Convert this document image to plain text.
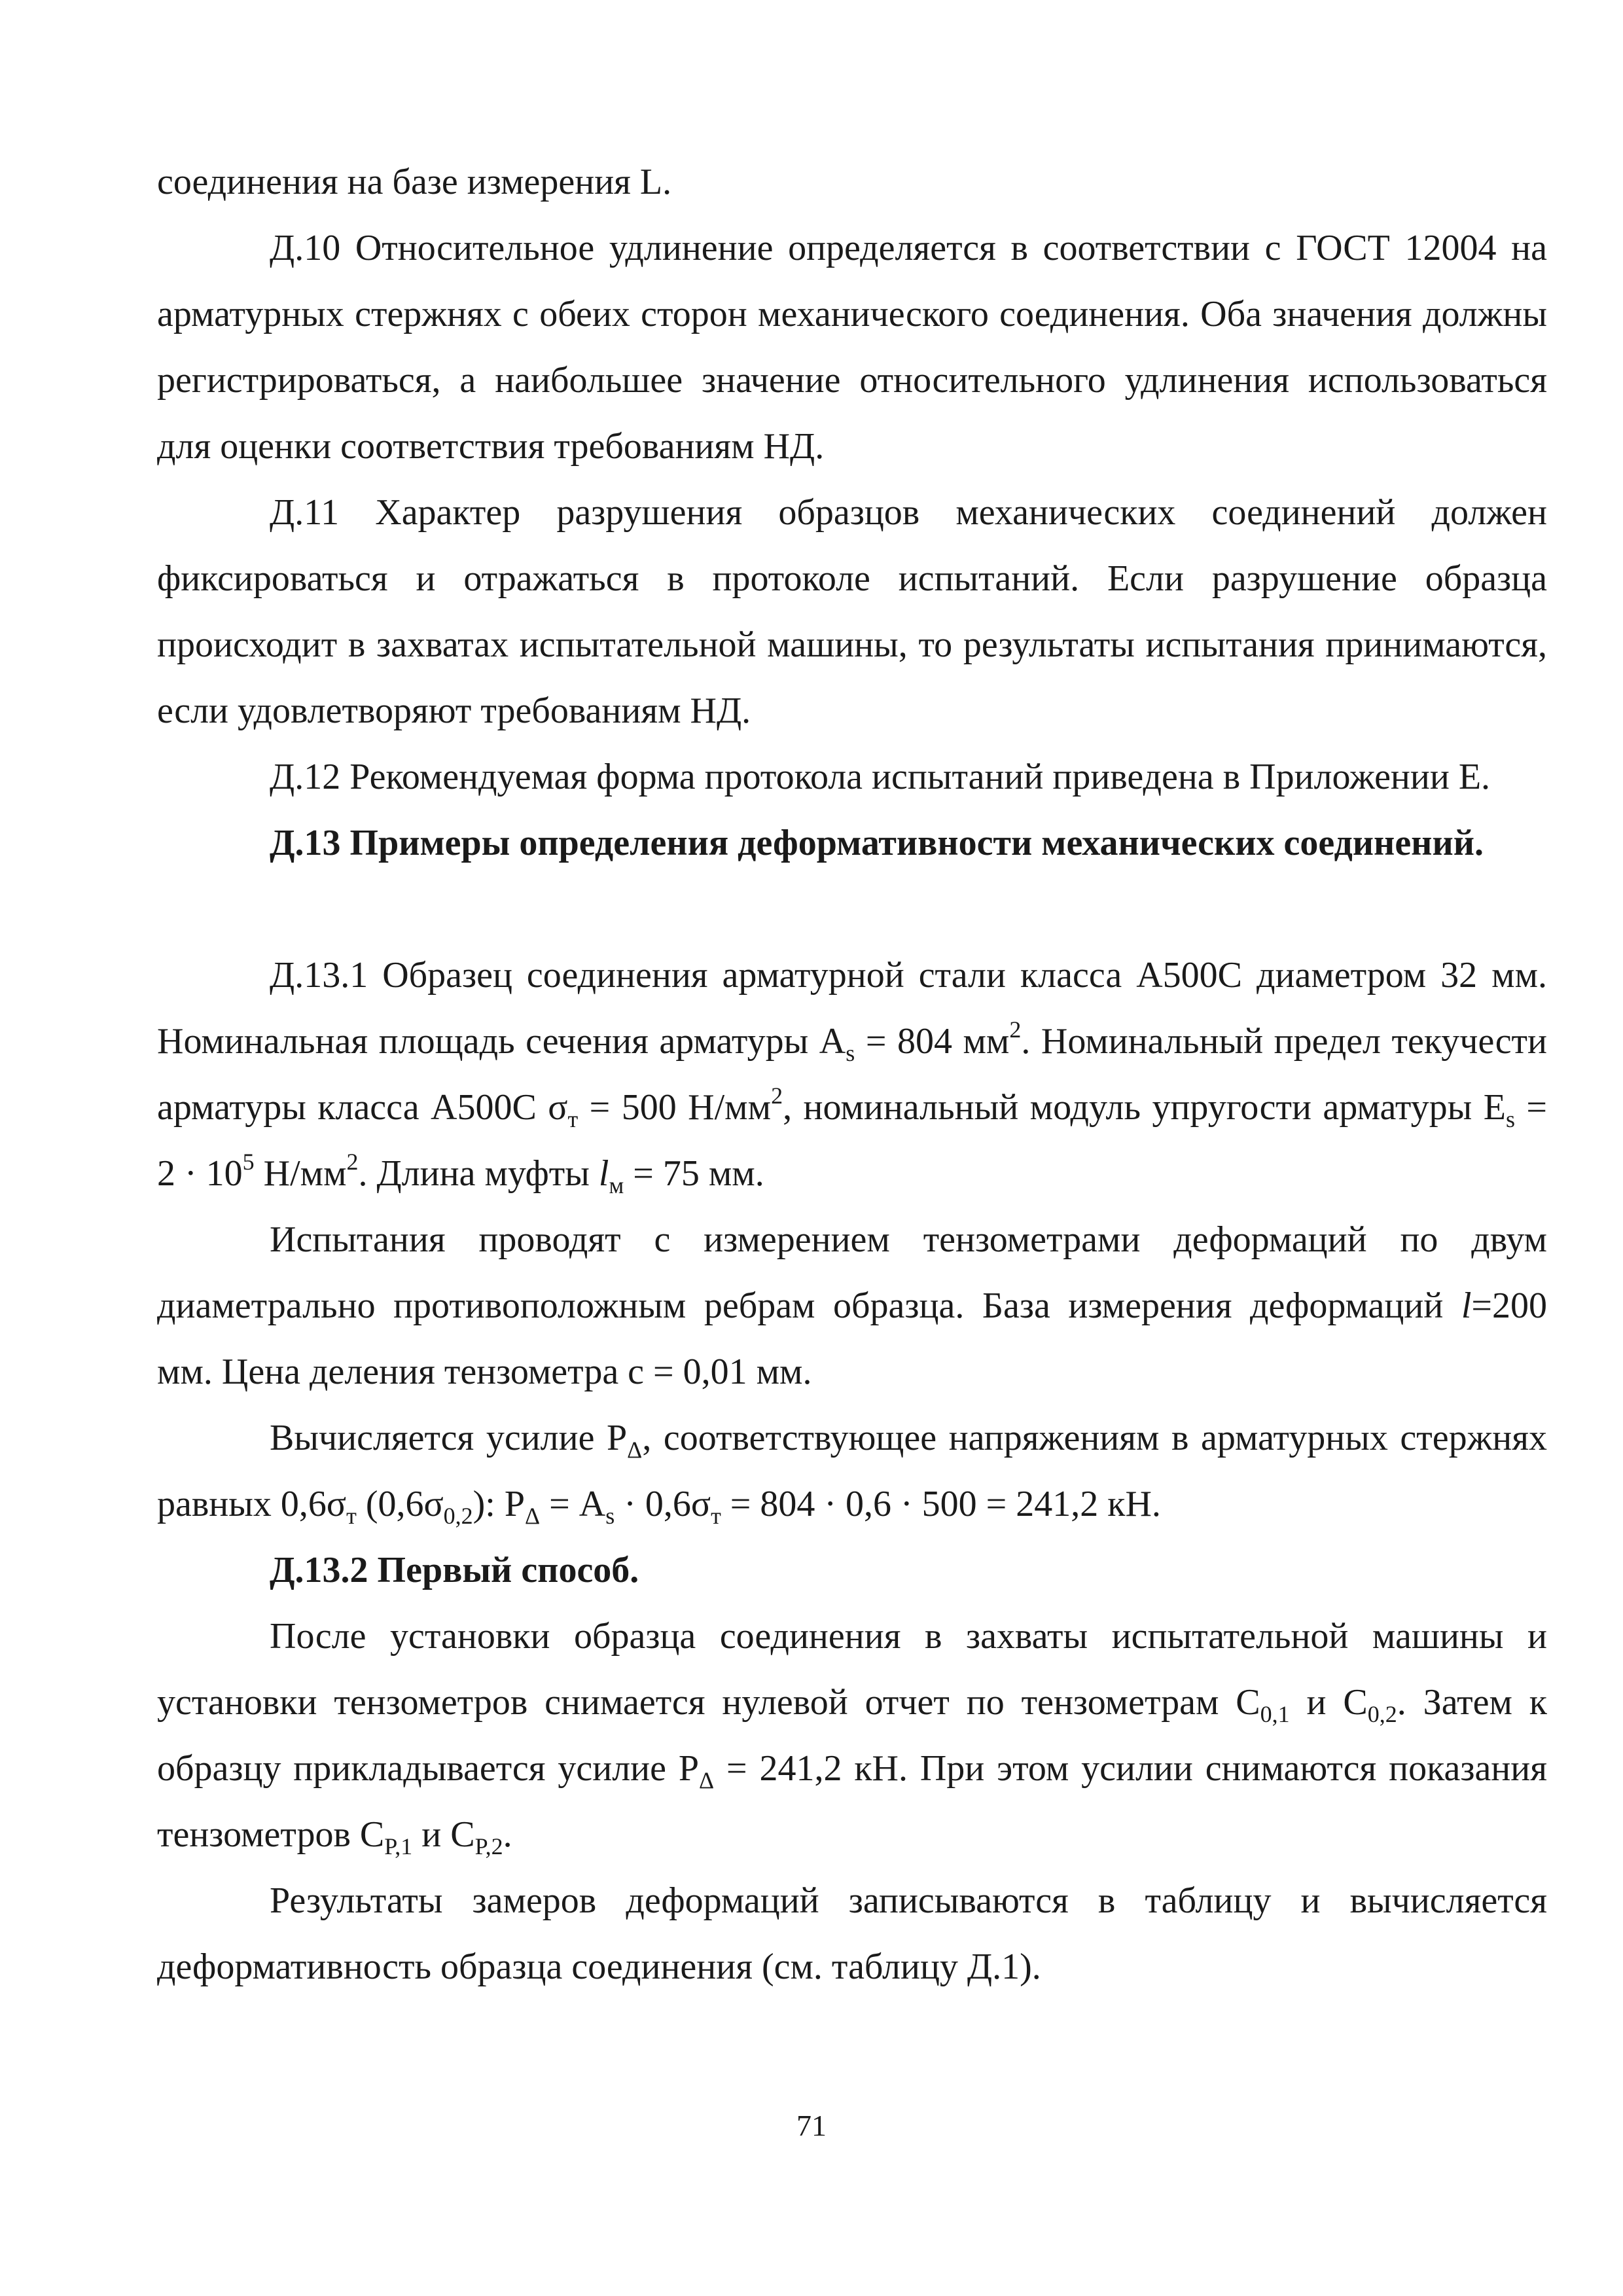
соединения на базе измерения L.

Д.10 Относительное удлинение определяется в соответствии с ГОСТ 12004 на арматурных стержнях с обеих сторон механического соединения. Оба значения должны регистрироваться, а наибольшее значение относительного удлинения использоваться для оценки соответствия требованиям НД.

Д.11 Характер разрушения образцов механических соединений должен фиксироваться и отражаться в протоколе испытаний. Если разрушение образца происходит в захватах испытательной машины, то результаты испытания принимаются, если удовлетворяют требованиям НД.

Д.12 Рекомендуемая форма протокола испытаний приведена в Приложении Е.

Д.13 Примеры определения деформативности механических соединений.

Д.13.1 Образец соединения арматурной стали класса А500С диаметром 32 мм. Номинальная площадь сечения арматуры $A_s = 804$ $мм^2$. Номинальный предел текучести арматуры класса А500С $\sigma_т = 500$ $Н/мм^2$, номинальный модуль упругости арматуры $E_s = 2 \cdot 10^5$ $Н/мм^2$. Длина муфты $l_м = 75$ мм.

Испытания проводят с измерением тензометрами деформаций по двум диаметрально противоположным ребрам образца. База измерения деформаций l=200 мм. Цена деления тензометра с = 0,01 мм.

Вычисляется усилие $P_\Delta$, соответствующее напряжениям в арматурных стержнях равных $0,6\sigma_т$ $(0,6\sigma_{0,2})$: $P_\Delta = A_s \cdot 0,6\sigma_т = 804 \cdot 0,6 \cdot 500 = 241,2$ кН.

Д.13.2 Первый способ.

После установки образца соединения в захваты испытательной машины и установки тензометров снимается нулевой отчет по тензометрам $C_{0,1}$ и $C_{0,2}$. Затем к образцу прикладывается усилие $P_\Delta = 241,2$ кН. При этом усилии снимаются показания тензометров $C_{P,1}$ и $C_{P,2}$.

Результаты замеров деформаций записываются в таблицу и вычисляется деформативность образца соединения (см. таблицу Д.1).

71
